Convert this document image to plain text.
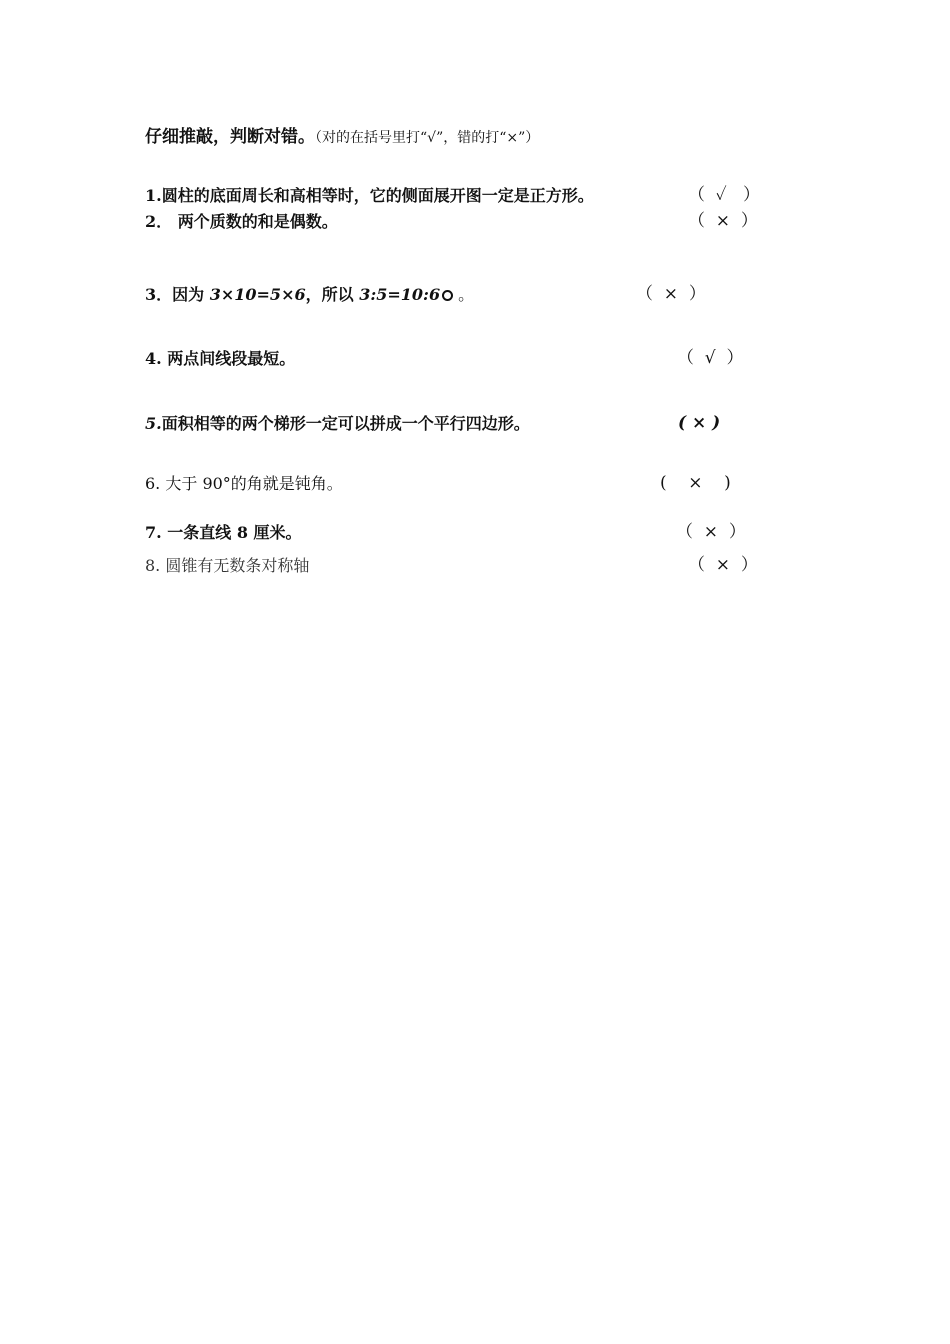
仔细推敲，判断对错。（对的在括号里打“√”，错的打“×”）
1.圆柱的底面周长和高相等时，它的侧面展开图一定是正方形。	（  ✓   ）
2． 两个质数的和是偶数。	（  ×  ）
3．因为 3×10=5×6，所以 3:5=10:6 ○ 。	（  ×  ）
4. 两点间线段最短。	（  √  ）
5.面积相等的两个梯形一定可以拼成一个平行四边形。	( × )
6. 大于 90°的角就是钝角。	(    ×    )
7. 一条直线 8 厘米。	（  ×  ）
8. 圆锥有无数条对称轴	（  ×  ）
